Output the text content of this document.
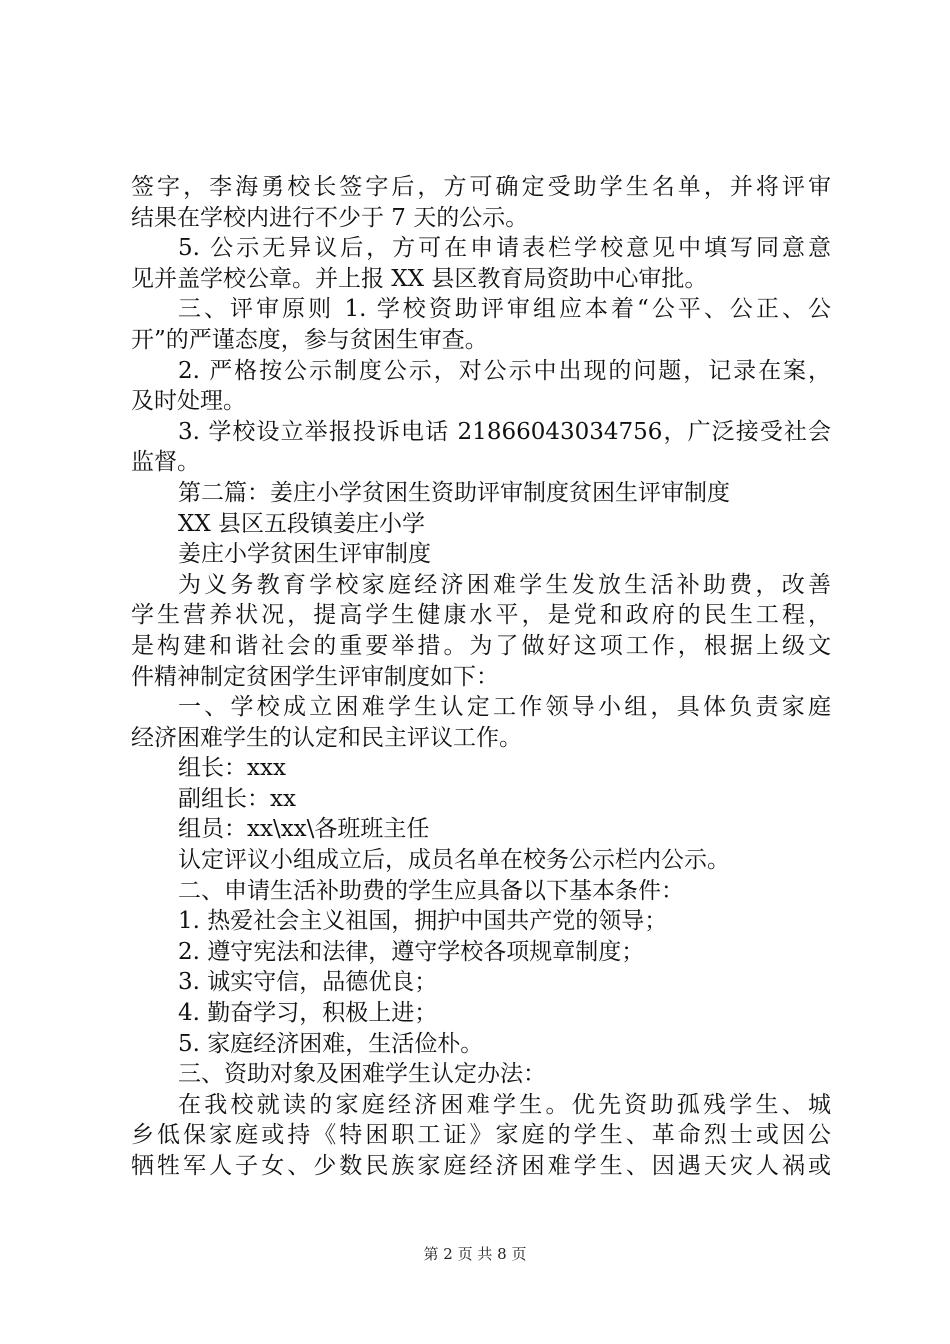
签字，李海勇校长签字后，方可确定受助学生名单，并将评审
结果在学校内进行不少于 7 天的公示。
5. 公示无异议后，方可在申请表栏学校意见中填写同意意
见并盖学校公章。并上报 XX 县区教育局资助中心审批。
三、评审原则 1. 学校资助评审组应本着“公平、公正、公
开”的严谨态度，参与贫困生审查。
2. 严格按公示制度公示，对公示中出现的问题，记录在案，
及时处理。
3. 学校设立举报投诉电话 21866043034756，广泛接受社会
监督。
第二篇：姜庄小学贫困生资助评审制度贫困生评审制度
XX 县区五段镇姜庄小学
姜庄小学贫困生评审制度
为义务教育学校家庭经济困难学生发放生活补助费，改善
学生营养状况，提高学生健康水平，是党和政府的民生工程，
是构建和谐社会的重要举措。为了做好这项工作，根据上级文
件精神制定贫困学生评审制度如下：
一、学校成立困难学生认定工作领导小组，具体负责家庭
经济困难学生的认定和民主评议工作。
组长：xxx
副组长：xx
组员：xx\xx\各班班主任
认定评议小组成立后，成员名单在校务公示栏内公示。
二、申请生活补助费的学生应具备以下基本条件：
1. 热爱社会主义祖国，拥护中国共产党的领导；
2. 遵守宪法和法律，遵守学校各项规章制度；
3. 诚实守信，品德优良；
4. 勤奋学习，积极上进；
5. 家庭经济困难，生活俭朴。
三、资助对象及困难学生认定办法：
在我校就读的家庭经济困难学生。优先资助孤残学生、城
乡低保家庭或持《特困职工证》家庭的学生、革命烈士或因公
牺牲军人子女、少数民族家庭经济困难学生、因遇天灾人祸或
第 2 页 共 8 页
